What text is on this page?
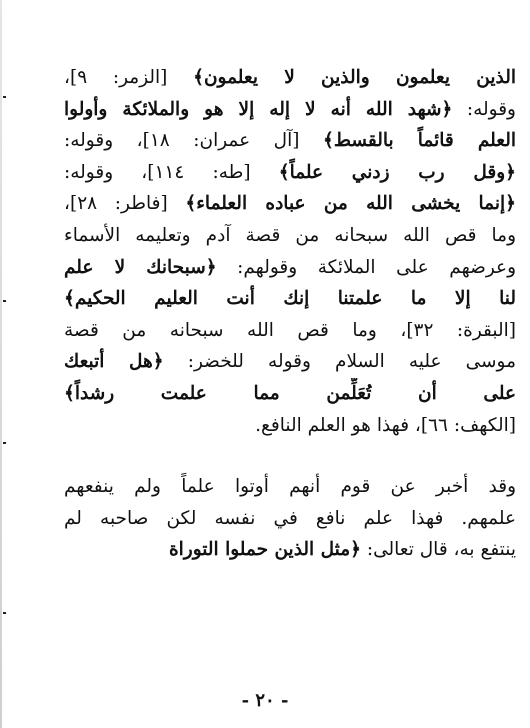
الذين يعلمون والذين لا يعلمون﴾ [الزمر: ٩]،
وقوله: ﴿شهد الله أنه لا إله إلا هو والملائكة وأولوا
العلم قائماً بالقسط﴾ [آل عمران: ١٨]، وقوله:
﴿وقل رب زدني علماً﴾ [طه: ١١٤]، وقوله:
﴿إنما يخشى الله من عباده العلماء﴾ [فاطر: ٢٨]،
وما قص الله سبحانه من قصة آدم وتعليمه الأسماء
وعرضهم على الملائكة وقولهم: ﴿سبحانك لا علم
لنا إلا ما علمتنا إنك أنت العليم الحكيم﴾
[البقرة: ٣٢]، وما قص الله سبحانه من قصة
موسى عليه السلام وقوله للخضر: ﴿هل أتبعك
على أن تُعَلِّمن مما علمت رشداً﴾
[الكهف: ٦٦]، فهذا هو العلم النافع.
وقد أخبر عن قوم أنهم أوتوا علماً ولم ينفعهم
علمهم. فهذا علم نافع في نفسه لكن صاحبه لم
ينتفع به، قال تعالى: ﴿مثل الذين حملوا التوراة
- ٢٠ -
